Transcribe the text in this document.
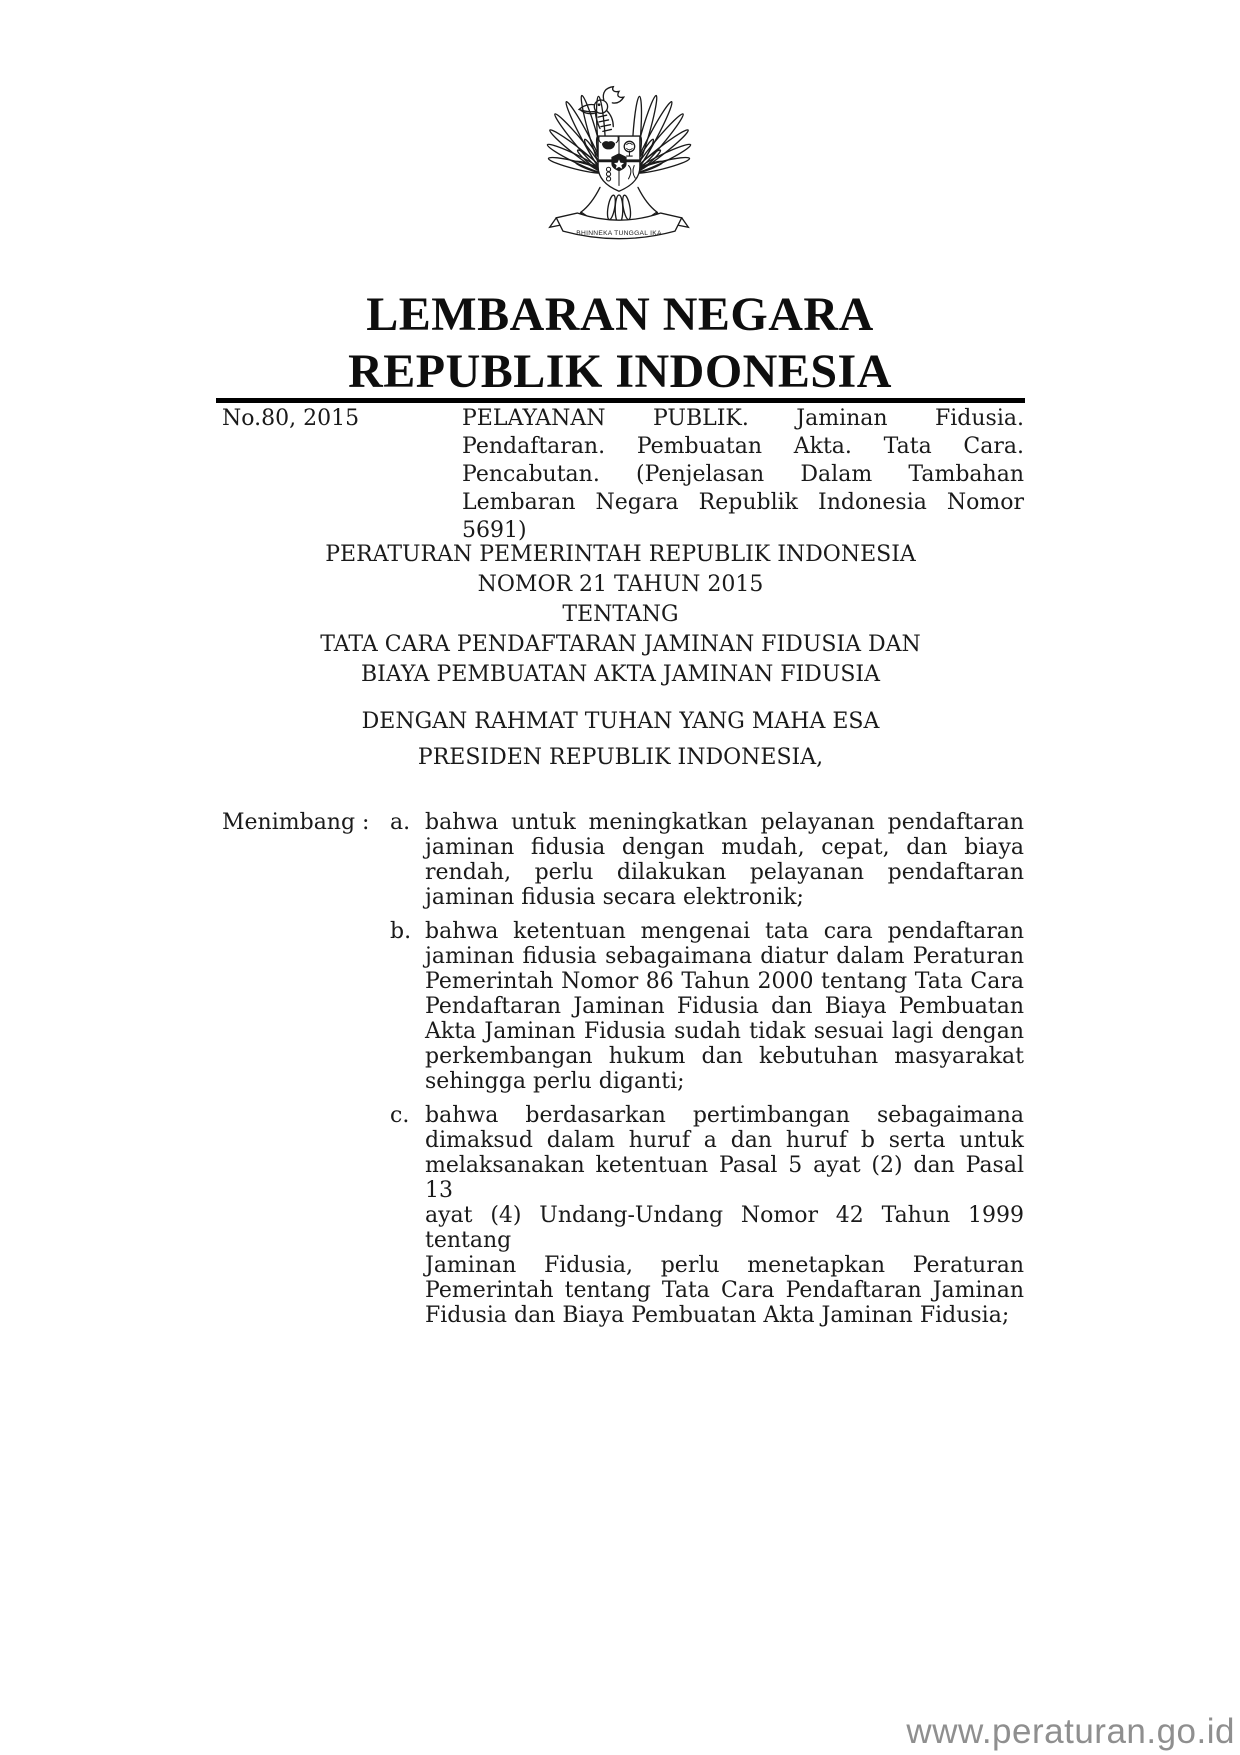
BHINNEKA TUNGGAL IKA
LEMBARAN NEGARA
REPUBLIK INDONESIA
No.80, 2015	PELAYANAN PUBLIK. Jaminan Fidusia.
Pendaftaran. Pembuatan Akta. Tata Cara.
Pencabutan. (Penjelasan Dalam Tambahan
Lembaran Negara Republik Indonesia Nomor 5691)
PERATURAN PEMERINTAH REPUBLIK INDONESIA
NOMOR 21 TAHUN 2015
TENTANG
TATA CARA PENDAFTARAN JAMINAN FIDUSIA DAN
BIAYA PEMBUATAN AKTA JAMINAN FIDUSIA
DENGAN RAHMAT TUHAN YANG MAHA ESA
PRESIDEN REPUBLIK INDONESIA,
Menimbang : a. bahwa untuk meningkatkan pelayanan pendaftaran
jaminan fidusia dengan mudah, cepat, dan biaya
rendah, perlu dilakukan pelayanan pendaftaran
jaminan fidusia secara elektronik;
b. bahwa ketentuan mengenai tata cara pendaftaran
jaminan fidusia sebagaimana diatur dalam Peraturan
Pemerintah Nomor 86 Tahun 2000 tentang Tata Cara
Pendaftaran Jaminan Fidusia dan Biaya Pembuatan
Akta Jaminan Fidusia sudah tidak sesuai lagi dengan
perkembangan hukum dan kebutuhan masyarakat
sehingga perlu diganti;
c. bahwa berdasarkan pertimbangan sebagaimana
dimaksud dalam huruf a dan huruf b serta untuk
melaksanakan ketentuan Pasal 5 ayat (2) dan Pasal 13
ayat (4) Undang-Undang Nomor 42 Tahun 1999 tentang
Jaminan Fidusia, perlu menetapkan Peraturan
Pemerintah tentang Tata Cara Pendaftaran Jaminan
Fidusia dan Biaya Pembuatan Akta Jaminan Fidusia;
www.peraturan.go.id
